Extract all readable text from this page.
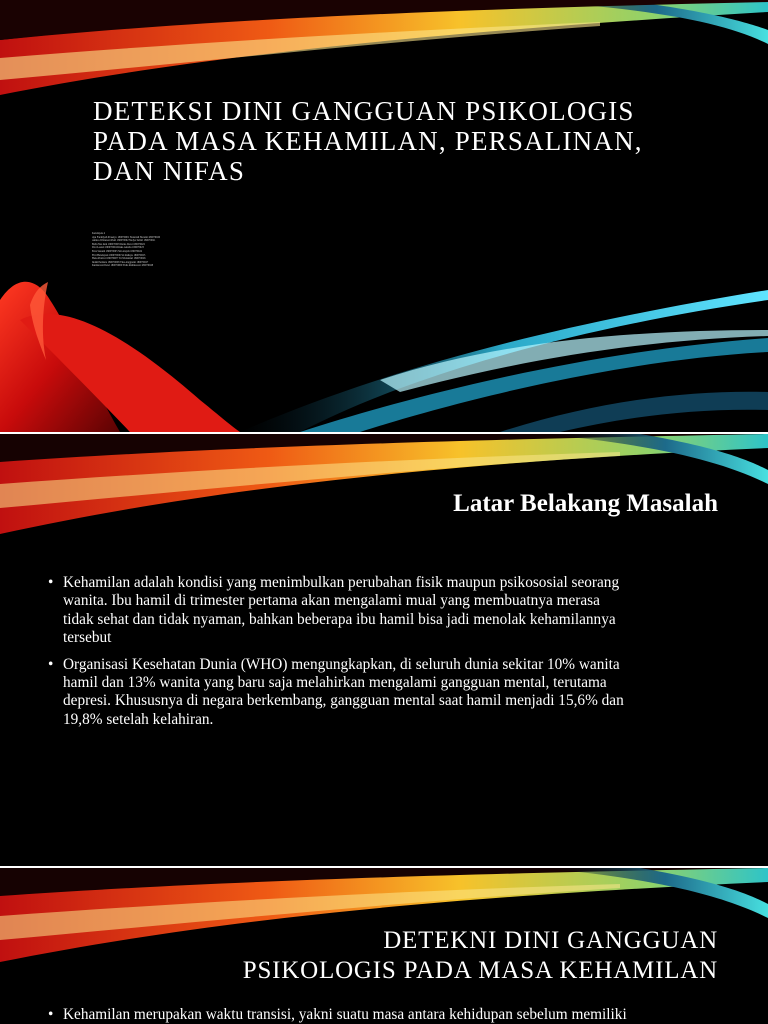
DETEKSI DINI GANGGUAN PSIKOLOGIS
PADA MASA KEHAMILAN, PERSALINAN,
DAN NIFAS
Kelompok 4
Ayu Farahiyah Prasetyo 180070001 Nazariah Nuraini 180070020
Annisa Wulansari Putri 180070002 Nadya Safitri 180070021
Bella Nur Aini 180070003 Ratna Dewi 180070022
Dwi Lestari 180070004 Rizka Amalia 180070023
Erna Susanti 180070005 Siti Aisyah 180070024
Fitri Handayani 180070006 Sri Rahayu 180070025
Hana Pratiwi 180070007 Tri Wulandari 180070026
Indah Permata 180070008 Vina Anggraini 180070027
Kurniawati Dewi 180070009 Yulia Rahmawati 180070028
Latar Belakang Masalah
• Kehamilan adalah kondisi yang menimbulkan perubahan fisik maupun psikososial seorang
wanita. Ibu hamil di trimester pertama akan mengalami mual yang membuatnya merasa
tidak sehat dan tidak nyaman, bahkan beberapa ibu hamil bisa jadi menolak kehamilannya
tersebut
• Organisasi Kesehatan Dunia (WHO) mengungkapkan, di seluruh dunia sekitar 10% wanita
hamil dan 13% wanita yang baru saja melahirkan mengalami gangguan mental, terutama
depresi. Khususnya di negara berkembang, gangguan mental saat hamil menjadi 15,6% dan
19,8% setelah kelahiran.
DETEKNI DINI GANGGUAN
PSIKOLOGIS PADA MASA KEHAMILAN
• Kehamilan merupakan waktu transisi, yakni suatu masa antara kehidupan sebelum memiliki
